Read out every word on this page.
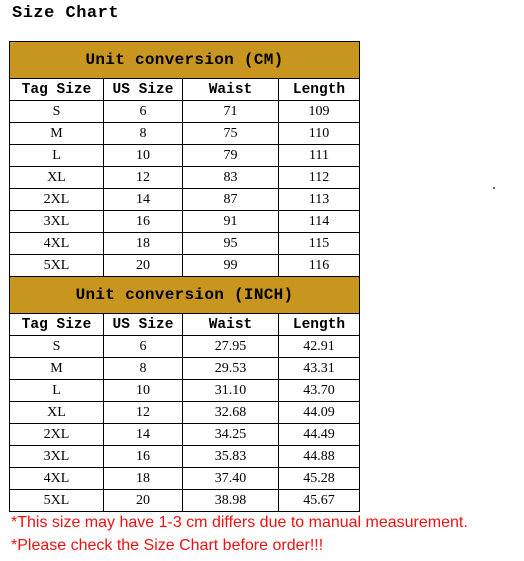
Size Chart
Unit conversion (CM)			
Tag Size	US Size	Waist	Length
S	6	71	109
M	8	75	110
L	10	79	111
XL	12	83	112
2XL	14	87	113
3XL	16	91	114
4XL	18	95	115
5XL	20	99	116
Unit conversion (INCH)			
Tag Size	US Size	Waist	Length
S	6	27.95	42.91
M	8	29.53	43.31
L	10	31.10	43.70
XL	12	32.68	44.09
2XL	14	34.25	44.49
3XL	16	35.83	44.88
4XL	18	37.40	45.28
5XL	20	38.98	45.67
*This size may have 1-3 cm differs due to manual measurement.
*Please check the Size Chart before order!!!
